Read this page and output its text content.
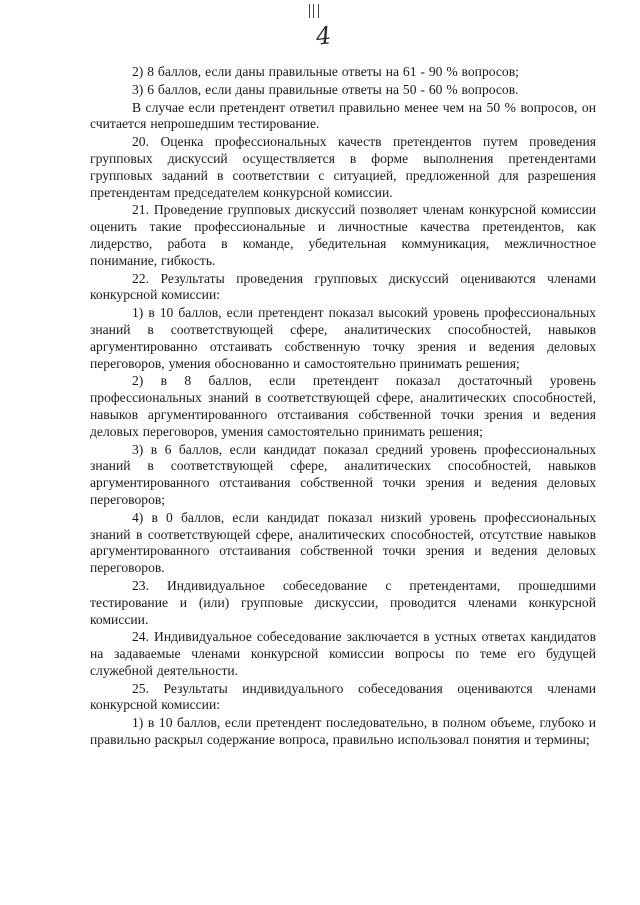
4

2) 8 баллов, если даны правильные ответы на 61 - 90 % вопросов;

3) 6 баллов, если даны правильные ответы на 50 - 60 % вопросов.

В случае если претендент ответил правильно менее чем на 50 % вопросов, он считается непрошедшим тестирование.

20. Оценка профессиональных качеств претендентов путем проведения групповых дискуссий осуществляется в форме выполнения претендентами групповых заданий в соответствии с ситуацией, предложенной для разрешения претендентам председателем конкурсной комиссии.

21. Проведение групповых дискуссий позволяет членам конкурсной комиссии оценить такие профессиональные и личностные качества претендентов, как лидерство, работа в команде, убедительная коммуникация, межличностное понимание, гибкость.

22. Результаты проведения групповых дискуссий оцениваются членами конкурсной комиссии:

1) в 10 баллов, если претендент показал высокий уровень профессиональных знаний в соответствующей сфере, аналитических способностей, навыков аргументированно отстаивать собственную точку зрения и ведения деловых переговоров, умения обоснованно и самостоятельно принимать решения;

2) в 8 баллов, если претендент показал достаточный уровень профессиональных знаний в соответствующей сфере, аналитических способностей, навыков аргументированного отстаивания собственной точки зрения и ведения деловых переговоров, умения самостоятельно принимать решения;

3) в 6 баллов, если кандидат показал средний уровень профессиональных знаний в соответствующей сфере, аналитических способностей, навыков аргументированного отстаивания собственной точки зрения и ведения деловых переговоров;

4) в 0 баллов, если кандидат показал низкий уровень профессиональных знаний в соответствующей сфере, аналитических способностей, отсутствие навыков аргументированного отстаивания собственной точки зрения и ведения деловых переговоров.

23. Индивидуальное собеседование с претендентами, прошедшими тестирование и (или) групповые дискуссии, проводится членами конкурсной комиссии.

24. Индивидуальное собеседование заключается в устных ответах кандидатов на задаваемые членами конкурсной комиссии вопросы по теме его будущей служебной деятельности.

25. Результаты индивидуального собеседования оцениваются членами конкурсной комиссии:

1) в 10 баллов, если претендент последовательно, в полном объеме, глубоко и правильно раскрыл содержание вопроса, правильно использовал понятия и термины;
